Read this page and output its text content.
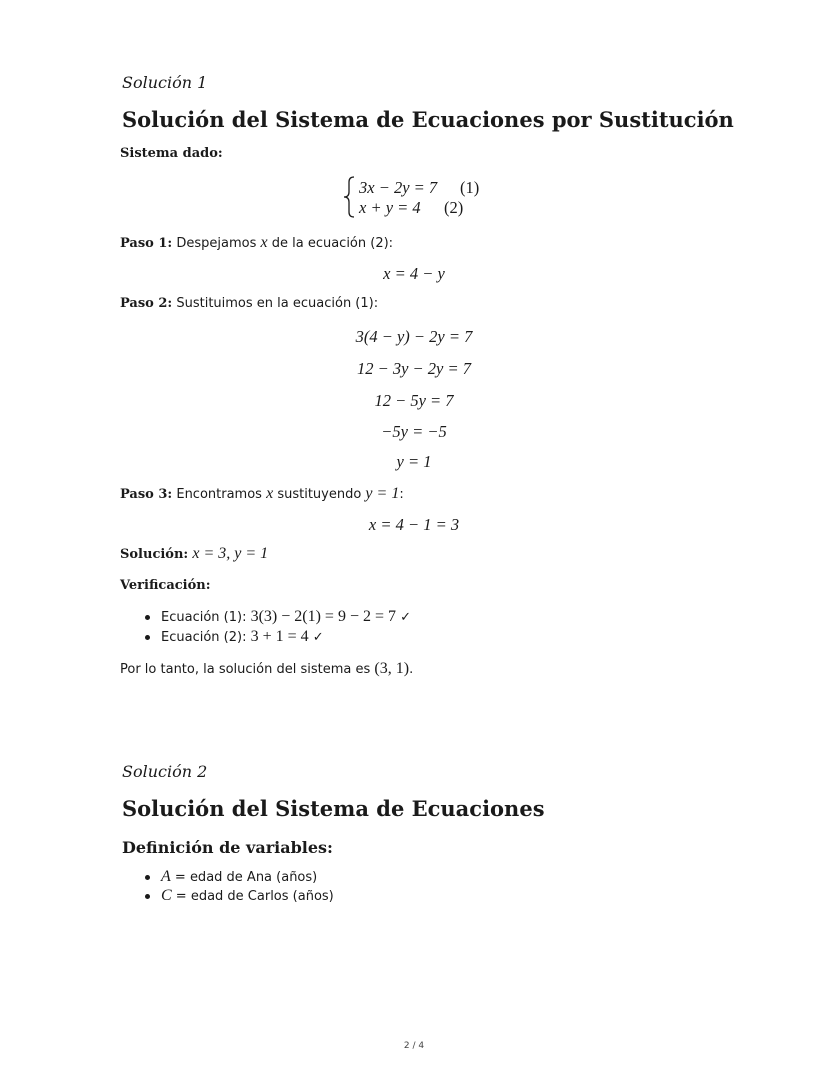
Solución 1
Solución del Sistema de Ecuaciones por Sustitución
Sistema dado:
3x − 2y = 7 (1)
x + y = 4 (2)
Paso 1: Despejamos x de la ecuación (2):
x = 4 − y
Paso 2: Sustituimos en la ecuación (1):
3(4 − y) − 2y = 7
12 − 3y − 2y = 7
12 − 5y = 7
−5y = −5
y = 1
Paso 3: Encontramos x sustituyendo y = 1:
x = 4 − 1 = 3
Solución: x = 3, y = 1
Verificación:
Ecuación (1): 3(3) − 2(1) = 9 − 2 = 7 ✓
Ecuación (2): 3 + 1 = 4 ✓
Por lo tanto, la solución del sistema es (3, 1).
Solución 2
Solución del Sistema de Ecuaciones
Definición de variables:
A = edad de Ana (años)
C = edad de Carlos (años)
2 / 4
